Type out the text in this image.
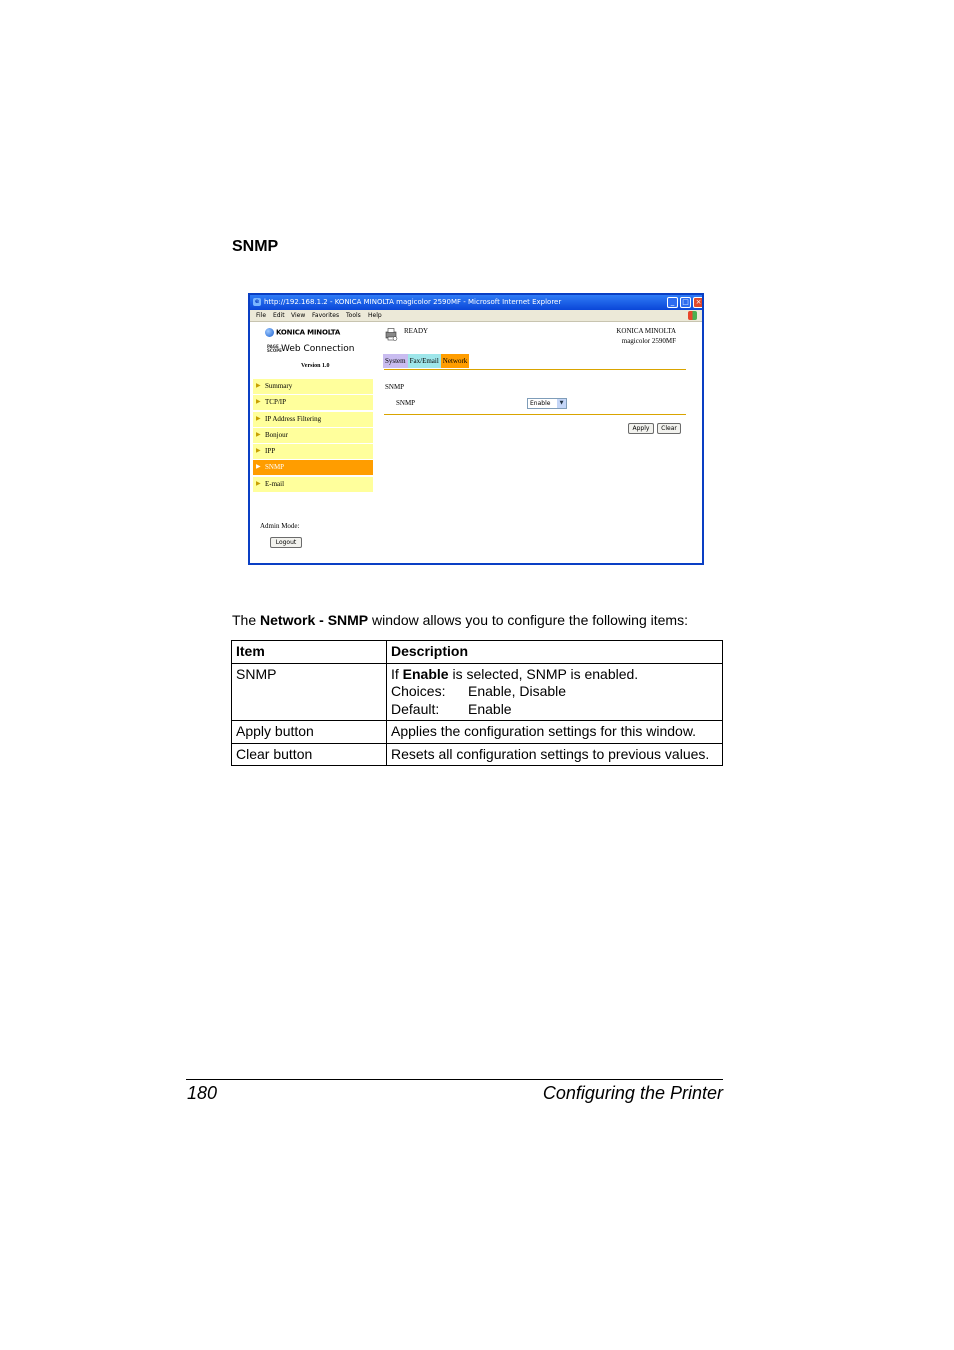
SNMP
e http://192.168.1.2 - KONICA MINOLTA magicolor 2590MF - Microsoft Internet Explorer	_	□ ×
File Edit View Favorites Tools Help
KONICA MINOLTA
PAGE SCOPEWeb Connection
Version 1.0
▶ Summary
▶ TCP/IP
▶ IP Address Filtering
▶ Bonjour
▶ IPP
▶ SNMP
▶ E-mail
Admin Mode:
Logout
READY	KONICA MINOLTA
magicolor 2590MF
System Fax/Email Network
SNMP
SNMP	Enable	▼
Apply	Clear
The Network - SNMP window allows you to configure the following items:
Item	Description
SNMP	If Enable is selected, SNMP is enabled.
Choices: Enable, Disable
Default: Enable

Apply button	Applies the configuration settings for this window.
Clear button	Resets all configuration settings to previous values.
180	Configuring the Printer
